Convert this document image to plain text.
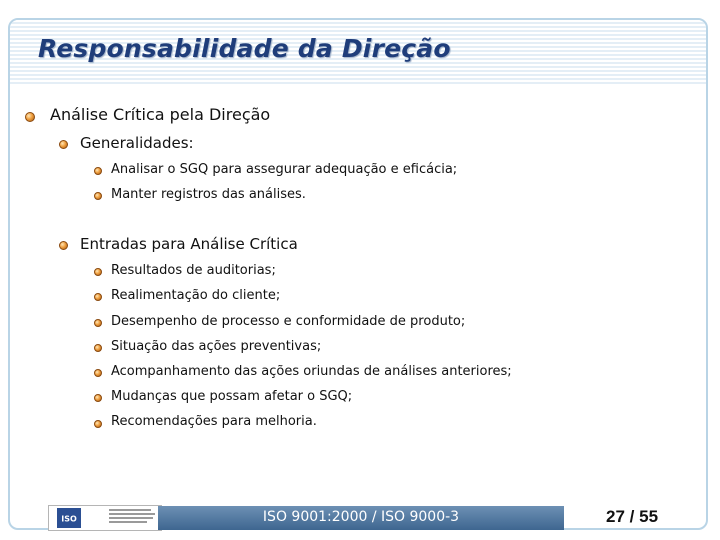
Responsabilidade da Direção
Análise Crítica pela Direção
Generalidades:
Analisar o SGQ para assegurar adequação e eficácia;
Manter registros das análises.
Entradas para Análise Crítica
Resultados de auditorias;
Realimentação do cliente;
Desempenho de processo e conformidade de produto;
Situação das ações preventivas;
Acompanhamento das ações oriundas de análises anteriores;
Mudanças que possam afetar o SGQ;
Recomendações para melhoria.
ISO	ISO 9001:2000 / ISO 9000-3	27 / 55
